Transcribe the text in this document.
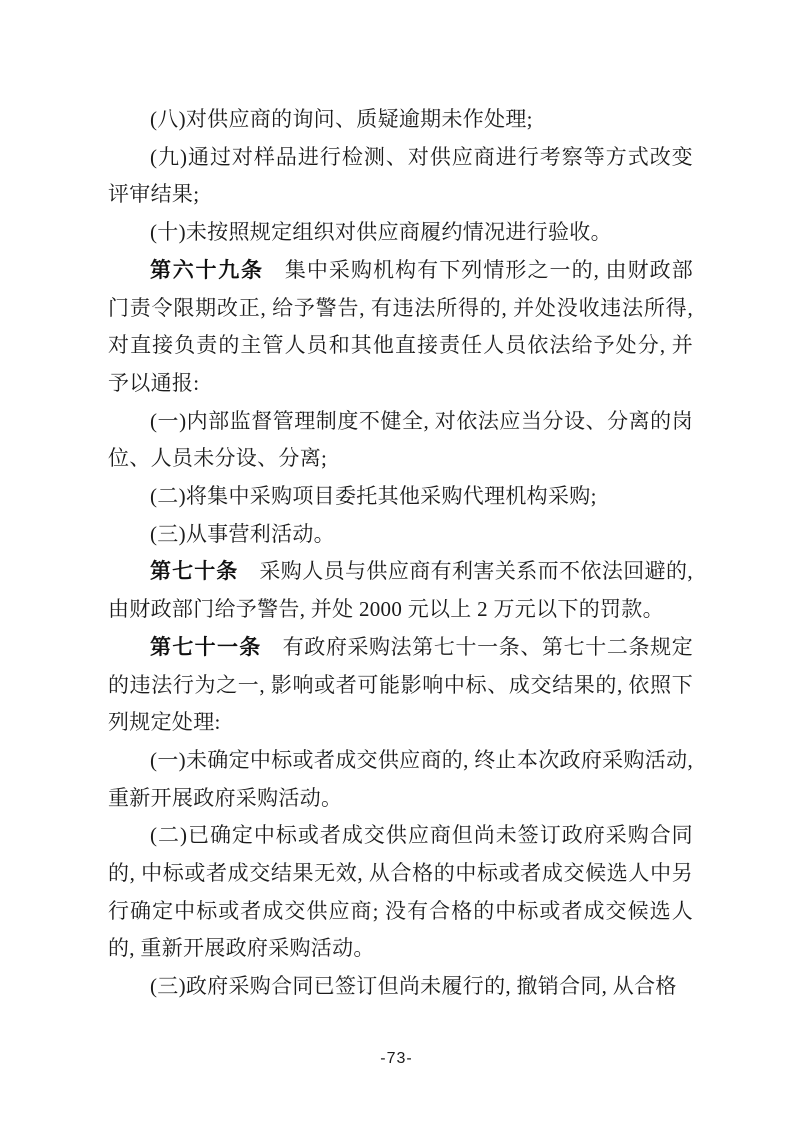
(八)对供应商的询问、质疑逾期未作处理;

(九)通过对样品进行检测、对供应商进行考察等方式改变评审结果;

(十)未按照规定组织对供应商履约情况进行验收。

第六十九条 集中采购机构有下列情形之一的, 由财政部门责令限期改正, 给予警告, 有违法所得的, 并处没收违法所得, 对直接负责的主管人员和其他直接责任人员依法给予处分, 并予以通报:

(一)内部监督管理制度不健全, 对依法应当分设、分离的岗位、人员未分设、分离;

(二)将集中采购项目委托其他采购代理机构采购;

(三)从事营利活动。

第七十条 采购人员与供应商有利害关系而不依法回避的, 由财政部门给予警告, 并处 2000 元以上 2 万元以下的罚款。

第七十一条 有政府采购法第七十一条、第七十二条规定的违法行为之一, 影响或者可能影响中标、成交结果的, 依照下列规定处理:

(一)未确定中标或者成交供应商的, 终止本次政府采购活动, 重新开展政府采购活动。

(二)已确定中标或者成交供应商但尚未签订政府采购合同的, 中标或者成交结果无效, 从合格的中标或者成交候选人中另行确定中标或者成交供应商; 没有合格的中标或者成交候选人的, 重新开展政府采购活动。

(三)政府采购合同已签订但尚未履行的, 撤销合同, 从合格

-73-
